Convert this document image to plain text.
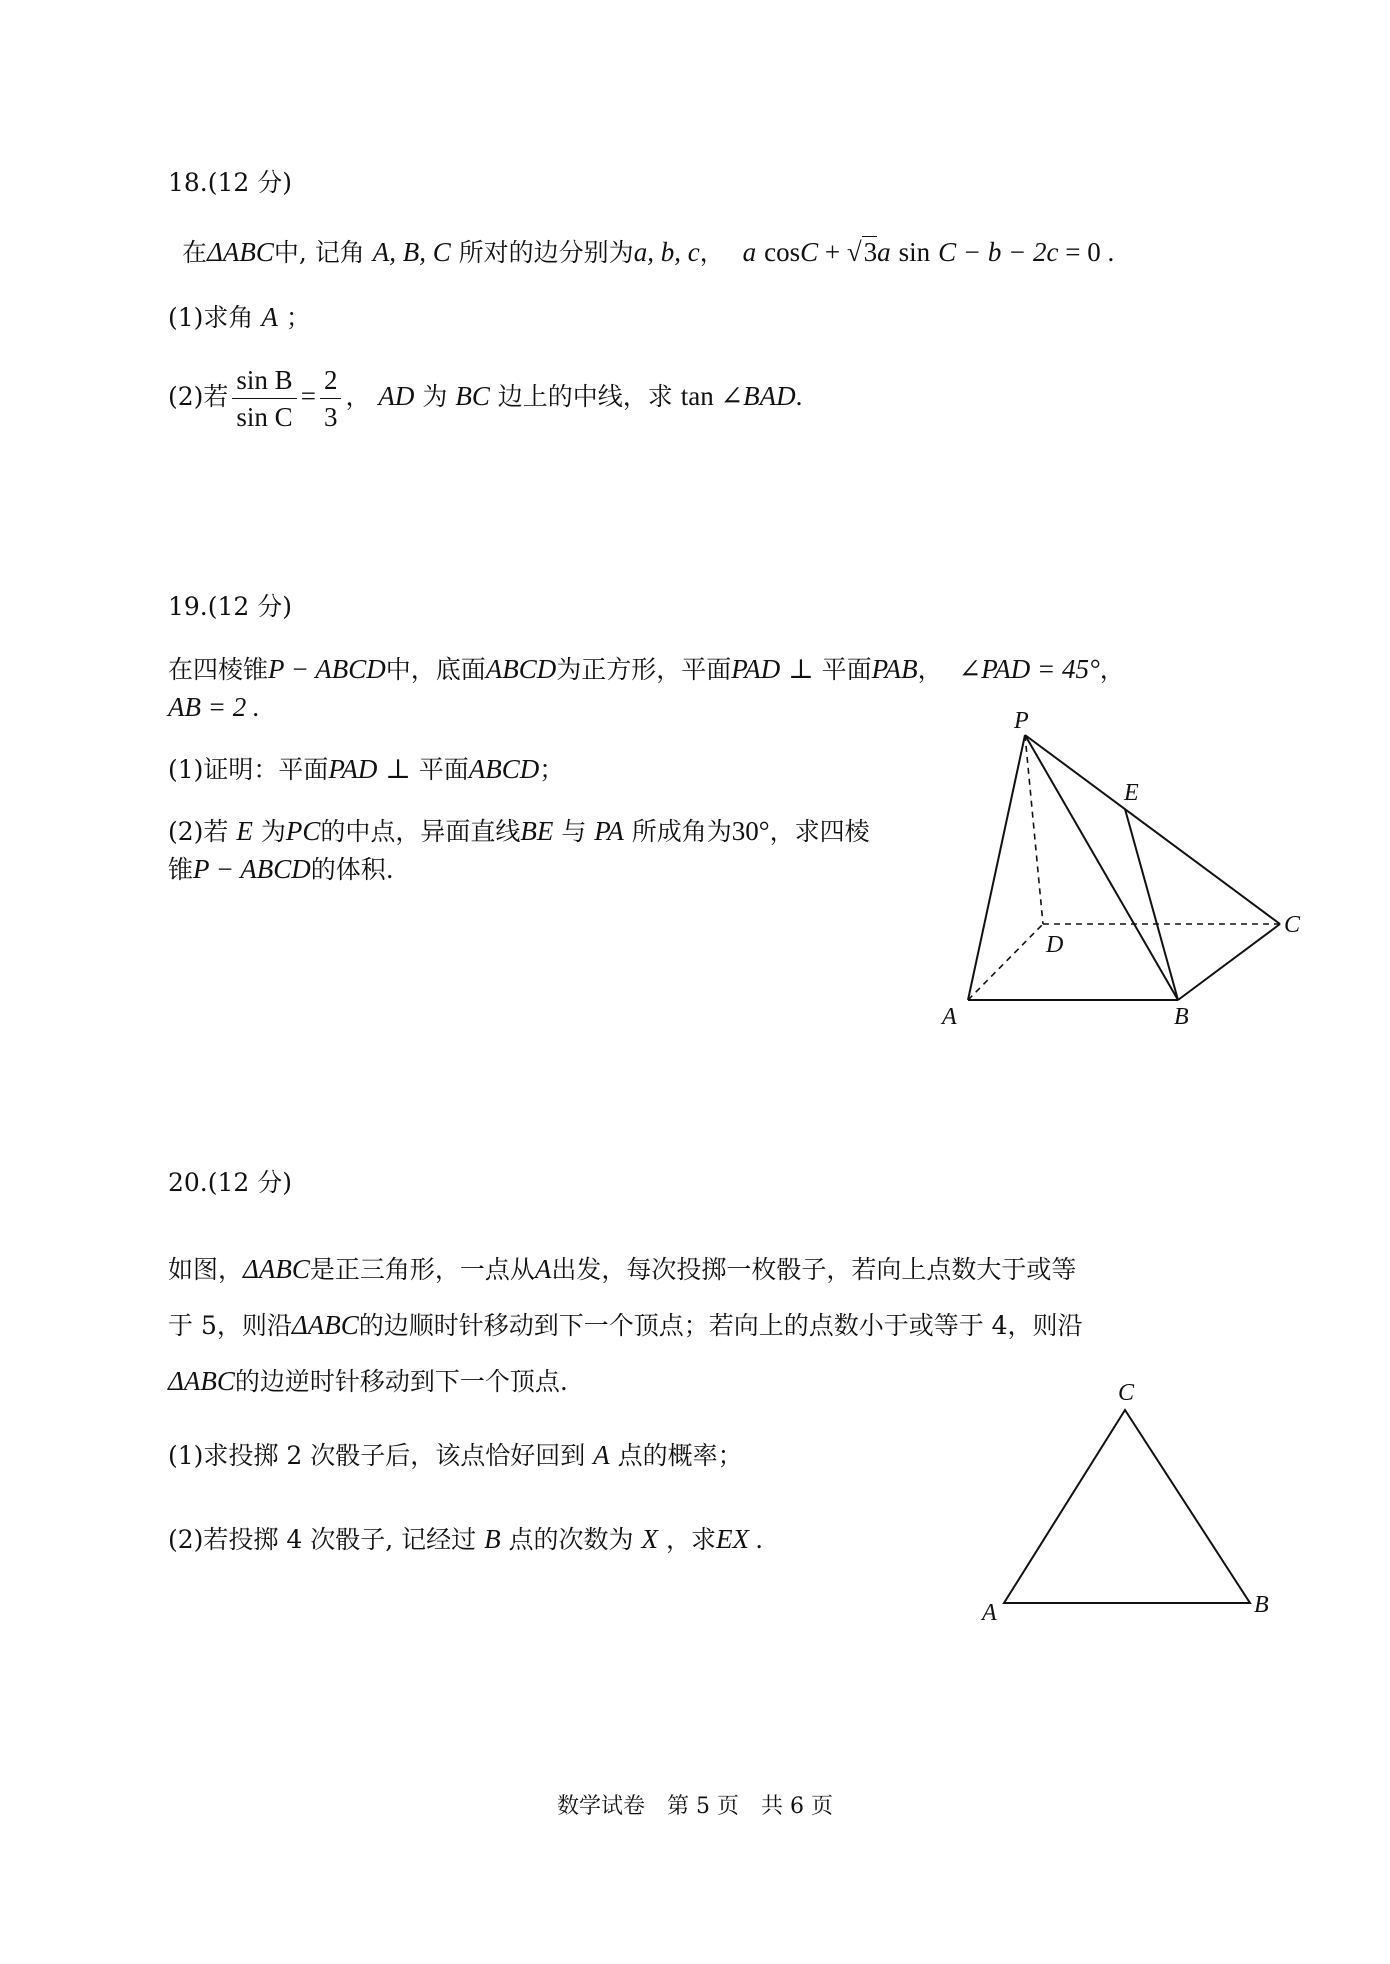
18.(12 分)
在ΔABC中, 记角 A, B, C 所对的边分别为a, b, c， a cosC + √3a sin C − b − 2c = 0 .
(1)求角 A ；
(2)若 $\frac{\text{sin B}}{\text{sin C}} = \frac{2}{3}$ ， AD 为 BC 边上的中线，求 tan ∠BAD.
19.(12 分)
在四棱锥P − ABCD中，底面ABCD为正方形，平面PAD ⊥ 平面PAB， ∠PAD = 45°，
AB = 2 .
(1)证明：平面PAD ⊥ 平面ABCD；
(2)若 E 为PC的中点，异面直线BE 与 PA 所成角为30°，求四棱
锥P − ABCD的体积.
P
E
D
C
A	B
20.(12 分)
如图，ΔABC是正三角形，一点从A出发，每次投掷一枚骰子，若向上点数大于或等
于 5，则沿ΔABC的边顺时针移动到下一个顶点；若向上的点数小于或等于 4，则沿
ΔABC的边逆时针移动到下一个顶点.
(1)求投掷 2 次骰子后，该点恰好回到 A 点的概率；
(2)若投掷 4 次骰子, 记经过 B 点的次数为 X ，求EX .
C
A	B
数学试卷　第 5 页　共 6 页
